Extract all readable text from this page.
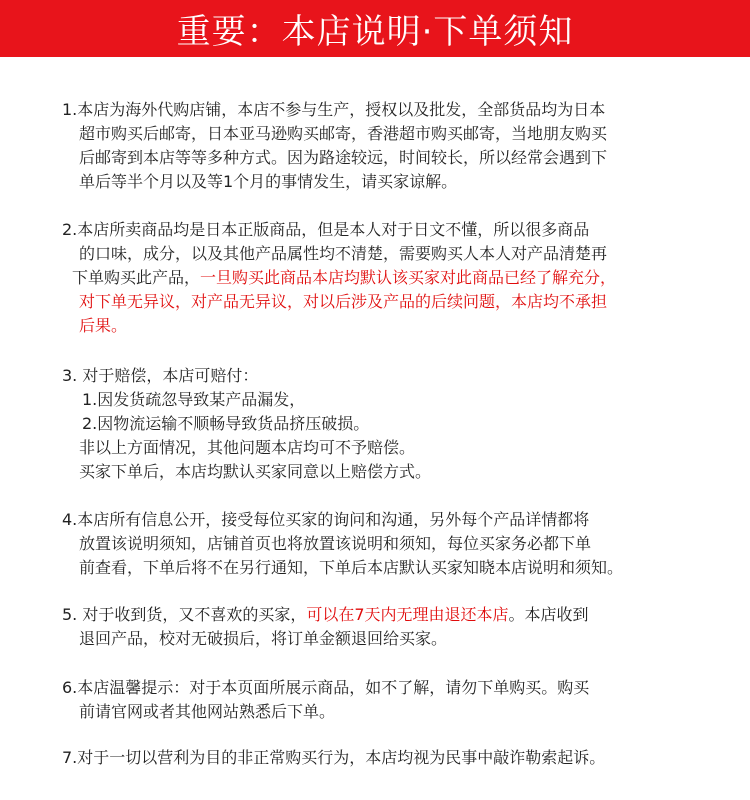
重要：本店说明·下单须知
1.本店为海外代购店铺，本店不参与生产，授权以及批发，全部货品均为日本
超市购买后邮寄，日本亚马逊购买邮寄，香港超市购买邮寄，当地朋友购买
后邮寄到本店等等多种方式。因为路途较远，时间较长，所以经常会遇到下
单后等半个月以及等1个月的事情发生，请买家谅解。
2.本店所卖商品均是日本正版商品，但是本人对于日文不懂，所以很多商品
的口味，成分，以及其他产品属性均不清楚，需要购买人本人对产品清楚再
下单购买此产品，一旦购买此商品本店均默认该买家对此商品已经了解充分，
对下单无异议，对产品无异议，对以后涉及产品的后续问题，本店均不承担
后果。
3. 对于赔偿，本店可赔付：
1.因发货疏忽导致某产品漏发，
2.因物流运输不顺畅导致货品挤压破损。
非以上方面情况，其他问题本店均可不予赔偿。
买家下单后，本店均默认买家同意以上赔偿方式。
4.本店所有信息公开，接受每位买家的询问和沟通，另外每个产品详情都将
放置该说明须知，店铺首页也将放置该说明和须知，每位买家务必都下单
前查看，下单后将不在另行通知，下单后本店默认买家知晓本店说明和须知。
5. 对于收到货，又不喜欢的买家，可以在7天内无理由退还本店。本店收到
退回产品，校对无破损后，将订单金额退回给买家。
6.本店温馨提示：对于本页面所展示商品，如不了解，请勿下单购买。购买
前请官网或者其他网站熟悉后下单。
7.对于一切以营利为目的非正常购买行为，本店均视为民事中敲诈勒索起诉。
